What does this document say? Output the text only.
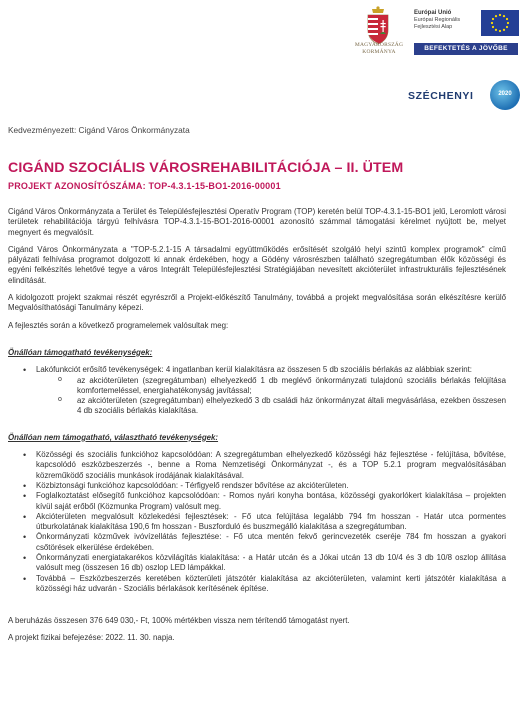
MAGYARORSZÁG
KORMÁNYA
Európai Unió
Európai Regionális
Fejlesztési Alap
BEFEKTETÉS A JÖVŐBE
SZÉCHENYI	2020
Kedvezményezett: Cigánd Város Önkormányzata
CIGÁND SZOCIÁLIS VÁROSREHABILITÁCIÓJA – II. ÜTEM
PROJEKT AZONOSÍTÓSZÁMA: TOP-4.3.1-15-BO1-2016-00001

Cigánd Város Önkormányzata a Terület és Településfejlesztési Operatív Program (TOP) keretén belül TOP-4.3.1-15-BO1 jelű, Leromlott városi területek rehabilitációja tárgyú felhívásra TOP-4.3.1-15-BO1-2016-00001 azonosító számmal támogatási kérelmet nyújtott be, melyet megnyert és megvalósít.

Cigánd Város Önkormányzata a "TOP-5.2.1-15 A társadalmi együttműködés erősítését szolgáló helyi szintű komplex programok" című pályázati felhívása programot dolgozott ki annak érdekében, hogy a Gödény városrészben található szegregátumban élők közösségi és egyéni felkészítés lehetővé tegye a város Integrált Településfejlesztési Stratégiájában nevesített akcióterület infrastrukturális fejlesztésének elindítását.

A kidolgozott projekt szakmai részét egyrészről a Projekt-előkészítő Tanulmány, továbbá a projekt megvalósítása során elkészítésre kerülő Megvalósíthatósági Tanulmány képezi.

A fejlesztés során a következő programelemek valósultak meg:

Önállóan támogatható tevékenységek:
• Lakófunkciót erősítő tevékenységek: 4 ingatlanban kerül kialakításra az összesen 5 db szociális bérlakás az alábbiak szerint:
o az akcióterületen (szegregátumban) elhelyezkedő 1 db meglévő önkormányzati tulajdonú szociális bérlakás felújítása komfortemeléssel, energiahatékonyság javítással;
o az akcióterületen (szegregátumban) elhelyezkedő 3 db családi ház önkormányzat általi megvásárlása, ezekben összesen 4 db szociális bérlakás kialakítása.
Önállóan nem támogatható, választható tevékenységek:
• Közösségi és szociális funkcióhoz kapcsolódóan: A szegregátumban elhelyezkedő közösségi ház fejlesztése - felújítása, bővítése, kapcsolódó eszközbeszerzés -, benne a Roma Nemzetiségi Önkormányzat -, és a TOP 5.2.1 program megvalósításában közreműködő szociális munkások irodájának kialakításával.
• Közbiztonsági funkcióhoz kapcsolódóan: - Térfigyelő rendszer bővítése az akcióterületen.
• Foglalkoztatást elősegítő funkcióhoz kapcsolódóan: - Romos nyári konyha bontása, közösségi gyakorlókert kialakítása – projekten kívül saját erőből (Közmunka Program) valósult meg.
• Akcióterületen megvalósult közlekedési fejlesztések: - Fő utca felújítása legalább 794 fm hosszan - Határ utca pormentes útburkolatának kialakítása 190,6 fm hosszan - Buszforduló és buszmegálló kialakítása a szegregátumban.
• Önkormányzati közművek ivóvízellátás fejlesztése: - Fő utca mentén fekvő gerincvezeték cseréje 784 fm hosszan a gyakori csőtörések elkerülése érdekében.
• Önkormányzati energiatakarékos közvilágítás kialakítása: - a Határ utcán és a Jókai utcán 13 db 10/4 és 3 db 10/8 oszlop állítása valósult meg (összesen 16 db) oszlop LED lámpákkal.
• Továbbá – Eszközbeszerzés keretében közterületi játszótér kialakítása az akcióterületen, valamint kerti játszótér kialakítása a közösségi ház udvarán - Szociális bérlakások kerítésének építése.

A beruházás összesen 376 649 030,- Ft, 100% mértékben vissza nem térítendő támogatást nyert.

A projekt fizikai befejezése: 2022. 11. 30. napja.
